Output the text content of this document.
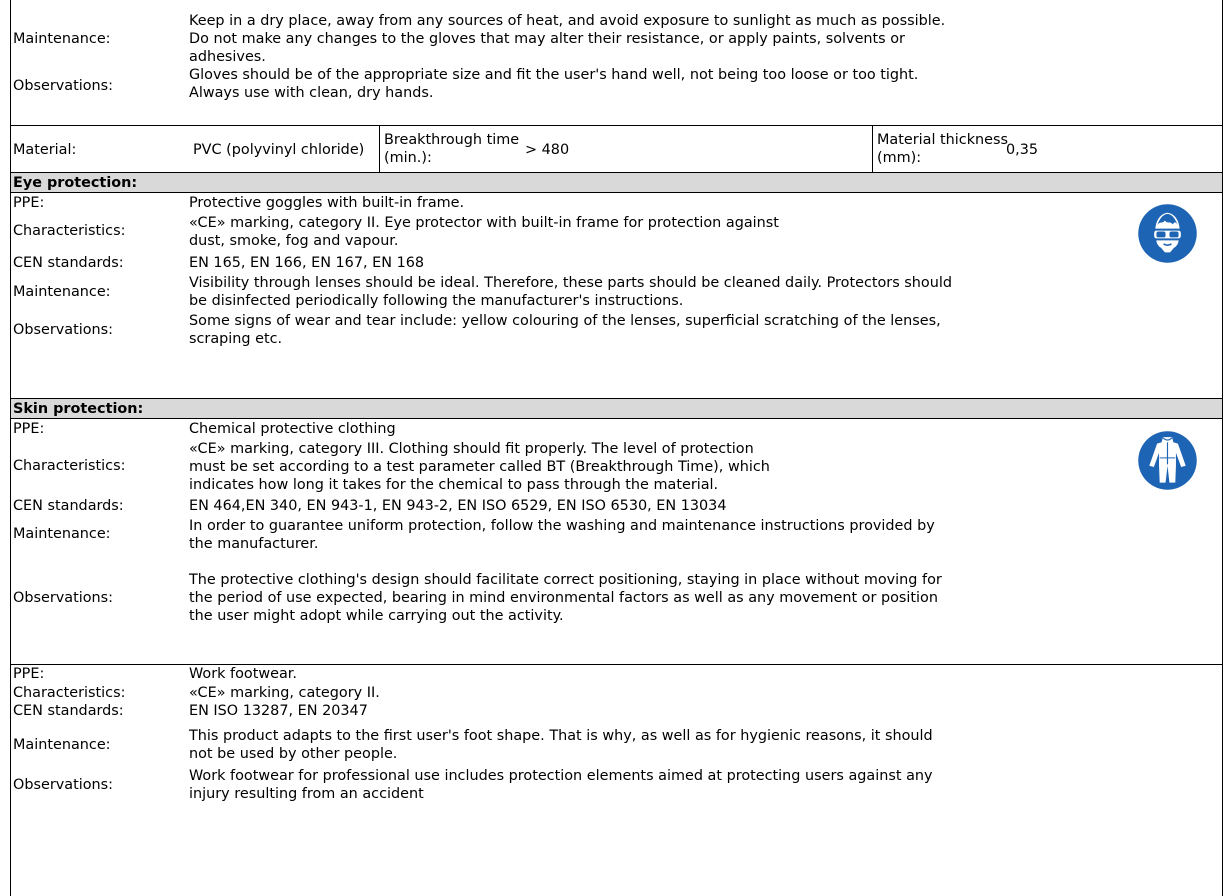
Maintenance:
Keep in a dry place, away from any sources of heat, and avoid exposure to sunlight as much as possible.
Do not make any changes to the gloves that may alter their resistance, or apply paints, solvents or
adhesives.
Observations:
Gloves should be of the appropriate size and fit the user's hand well, not being too loose or too tight.
Always use with clean, dry hands.
Material:	PVC (polyvinyl chloride)
Breakthrough time
(min.):	> 480
Material thickness
(mm):	0,35
Eye protection:
PPE:	Protective goggles with built-in frame.
Characteristics:	«CE» marking, category II. Eye protector with built-in frame for protection against
dust, smoke, fog and vapour.
CEN standards:	EN 165, EN 166, EN 167, EN 168
Maintenance:
Visibility through lenses should be ideal. Therefore, these parts should be cleaned daily. Protectors should
be disinfected periodically following the manufacturer's instructions.
Observations:
Some signs of wear and tear include: yellow colouring of the lenses, superficial scratching of the lenses,
scraping etc.
Skin protection:
PPE:	Chemical protective clothing
Characteristics:
«CE» marking, category III. Clothing should fit properly. The level of protection
must be set according to a test parameter called BT (Breakthrough Time), which
indicates how long it takes for the chemical to pass through the material.
CEN standards:	EN 464,EN 340, EN 943-1, EN 943-2, EN ISO 6529, EN ISO 6530, EN 13034
Maintenance:	In order to guarantee uniform protection, follow the washing and maintenance instructions provided by
the manufacturer.
Observations:
The protective clothing's design should facilitate correct positioning, staying in place without moving for
the period of use expected, bearing in mind environmental factors as well as any movement or position
the user might adopt while carrying out the activity.
PPE:	Work footwear.
Characteristics:	«CE» marking, category II.
CEN standards:	EN ISO 13287, EN 20347
Maintenance:
This product adapts to the first user's foot shape. That is why, as well as for hygienic reasons, it should
not be used by other people.
Observations:
Work footwear for professional use includes protection elements aimed at protecting users against any
injury resulting from an accident
